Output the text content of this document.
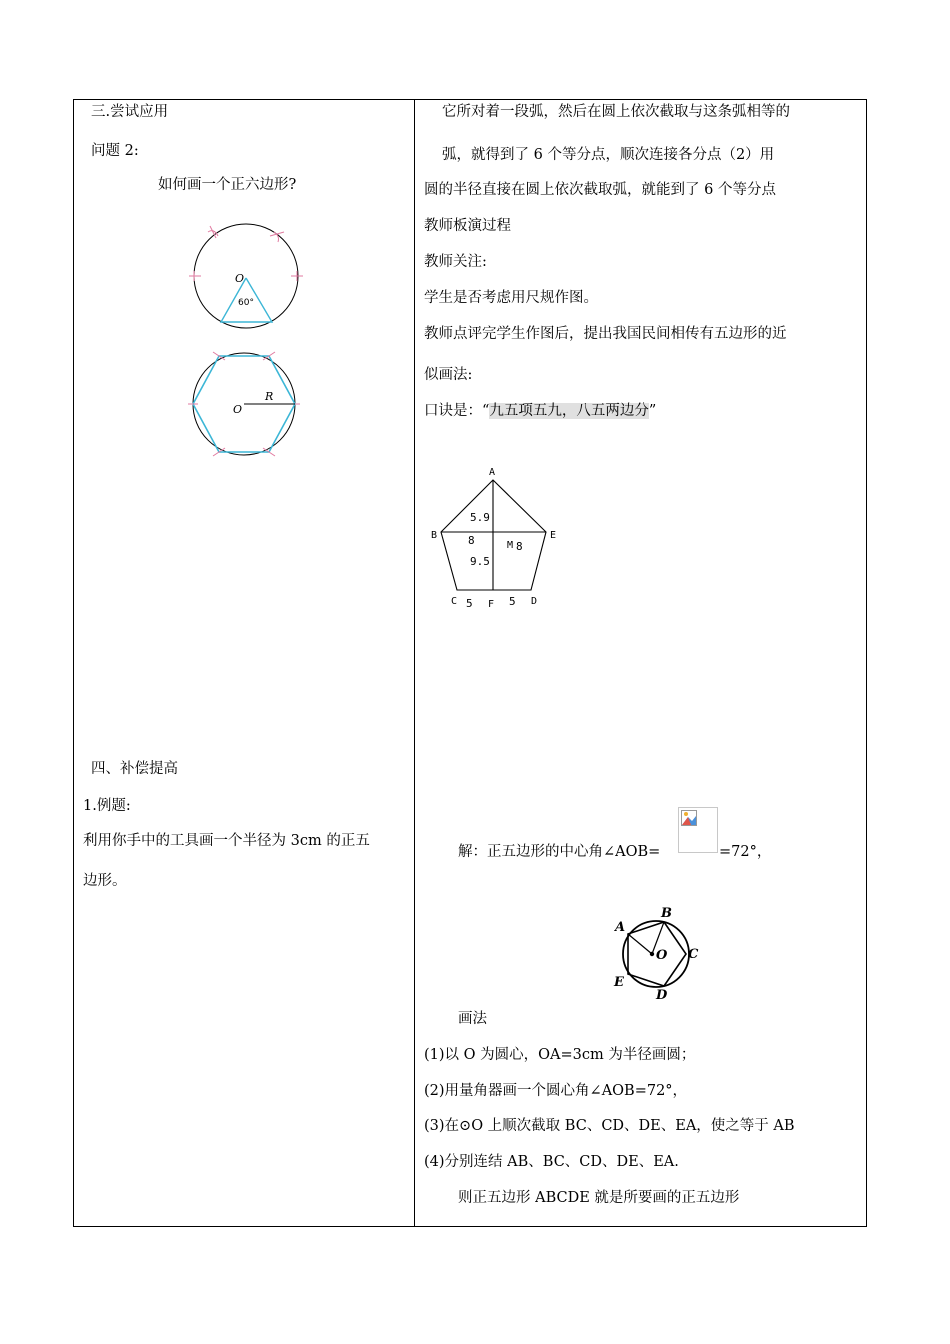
三.尝试应用
问题 2:
如何画一个正六边形?
O
60°
O
R
四、补偿提高
1.例题:
利用你手中的工具画一个半径为 3cm 的正五
边形。
它所对着一段弧，然后在圆上依次截取与这条弧相等的
弧，就得到了 6 个等分点，顺次连接各分点（2）用
圆的半径直接在圆上依次截取弧，就能到了 6 个等分点
教师板演过程
教师关注:
学生是否考虑用尺规作图。
教师点评完学生作图后，提出我国民间相传有五边形的近
似画法:
口诀是：“九五项五九，八五两边分”
A
B	E
C	D
F
M
5.9
8	8
9.5
5	5
解：正五边形的中心角∠AOB=	=72°，
A
B
C
D
E
O
画法
(1)以 O 为圆心，OA=3cm 为半径画圆；
(2)用量角器画一个圆心角∠AOB=72°，
(3)在⊙O 上顺次截取 BC、CD、DE、EA，使之等于 AB
(4)分别连结 AB、BC、CD、DE、EA.
则正五边形 ABCDE 就是所要画的正五边形
